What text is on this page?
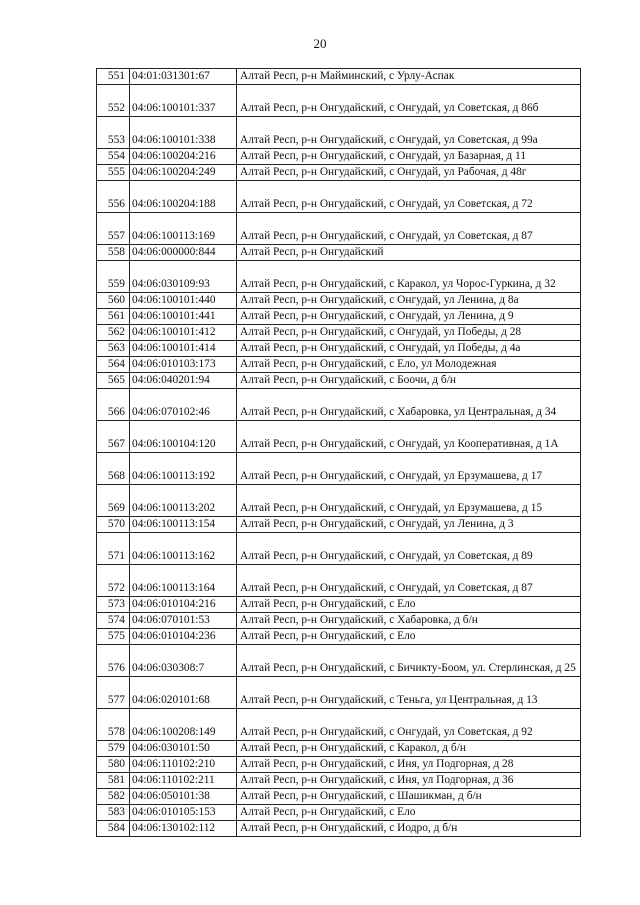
20
551	04:01:031301:67	Алтай Респ, р-н Майминский, с Урлу-Аспак
552	04:06:100101:337	Алтай Респ, р-н Онгудайский, с Онгудай, ул Советская, д 86б
553	04:06:100101:338	Алтай Респ, р-н Онгудайский, с Онгудай, ул Советская, д 99а
554	04:06:100204:216	Алтай Респ, р-н Онгудайский, с Онгудай, ул Базарная, д 11
555	04:06:100204:249	Алтай Респ, р-н Онгудайский, с Онгудай, ул Рабочая, д 48г
556	04:06:100204:188	Алтай Респ, р-н Онгудайский, с Онгудай, ул Советская, д 72
557	04:06:100113:169	Алтай Респ, р-н Онгудайский, с Онгудай, ул Советская, д 87
558	04:06:000000:844	Алтай Респ, р-н Онгудайский
559	04:06:030109:93	Алтай Респ, р-н Онгудайский, с Каракол, ул Чорос-Гуркина, д 32
560	04:06:100101:440	Алтай Респ, р-н Онгудайский, с Онгудай, ул Ленина, д 8а
561	04:06:100101:441	Алтай Респ, р-н Онгудайский, с Онгудай, ул Ленина, д 9
562	04:06:100101:412	Алтай Респ, р-н Онгудайский, с Онгудай, ул Победы, д 28
563	04:06:100101:414	Алтай Респ, р-н Онгудайский, с Онгудай, ул Победы, д 4а
564	04:06:010103:173	Алтай Респ, р-н Онгудайский, с Ело, ул Молодежная
565	04:06:040201:94	Алтай Респ, р-н Онгудайский, с Боочи, д б/н
566	04:06:070102:46	Алтай Респ, р-н Онгудайский, с Хабаровка, ул Центральная, д 34
567	04:06:100104:120	Алтай Респ, р-н Онгудайский, с Онгудай, ул Кооперативная, д 1А
568	04:06:100113:192	Алтай Респ, р-н Онгудайский, с Онгудай, ул Ерзумашева, д 17
569	04:06:100113:202	Алтай Респ, р-н Онгудайский, с Онгудай, ул Ерзумашева, д 15
570	04:06:100113:154	Алтай Респ, р-н Онгудайский, с Онгудай, ул Ленина, д 3
571	04:06:100113:162	Алтай Респ, р-н Онгудайский, с Онгудай, ул Советская, д 89
572	04:06:100113:164	Алтай Респ, р-н Онгудайский, с Онгудай, ул Советская, д 87
573	04:06:010104:216	Алтай Респ, р-н Онгудайский, с Ело
574	04:06:070101:53	Алтай Респ, р-н Онгудайский, с Хабаровка, д б/н
575	04:06:010104:236	Алтай Респ, р-н Онгудайский, с Ело
576	04:06:030308:7	Алтай Респ, р-н Онгудайский, с Бичикту-Боом, ул. Стерлинская, д 25
577	04:06:020101:68	Алтай Респ, р-н Онгудайский, с Теньга, ул Центральная, д 13
578	04:06:100208:149	Алтай Респ, р-н Онгудайский, с Онгудай, ул Советская, д 92
579	04:06:030101:50	Алтай Респ, р-н Онгудайский, с Каракол, д б/н
580	04:06:110102:210	Алтай Респ, р-н Онгудайский, с Иня, ул Подгорная, д 28
581	04:06:110102:211	Алтай Респ, р-н Онгудайский, с Иня, ул Подгорная, д 36
582	04:06:050101:38	Алтай Респ, р-н Онгудайский, с Шашикман, д б/н
583	04:06:010105:153	Алтай Респ, р-н Онгудайский, с Ело
584	04:06:130102:112	Алтай Респ, р-н Онгудайский, с Иодро, д б/н
